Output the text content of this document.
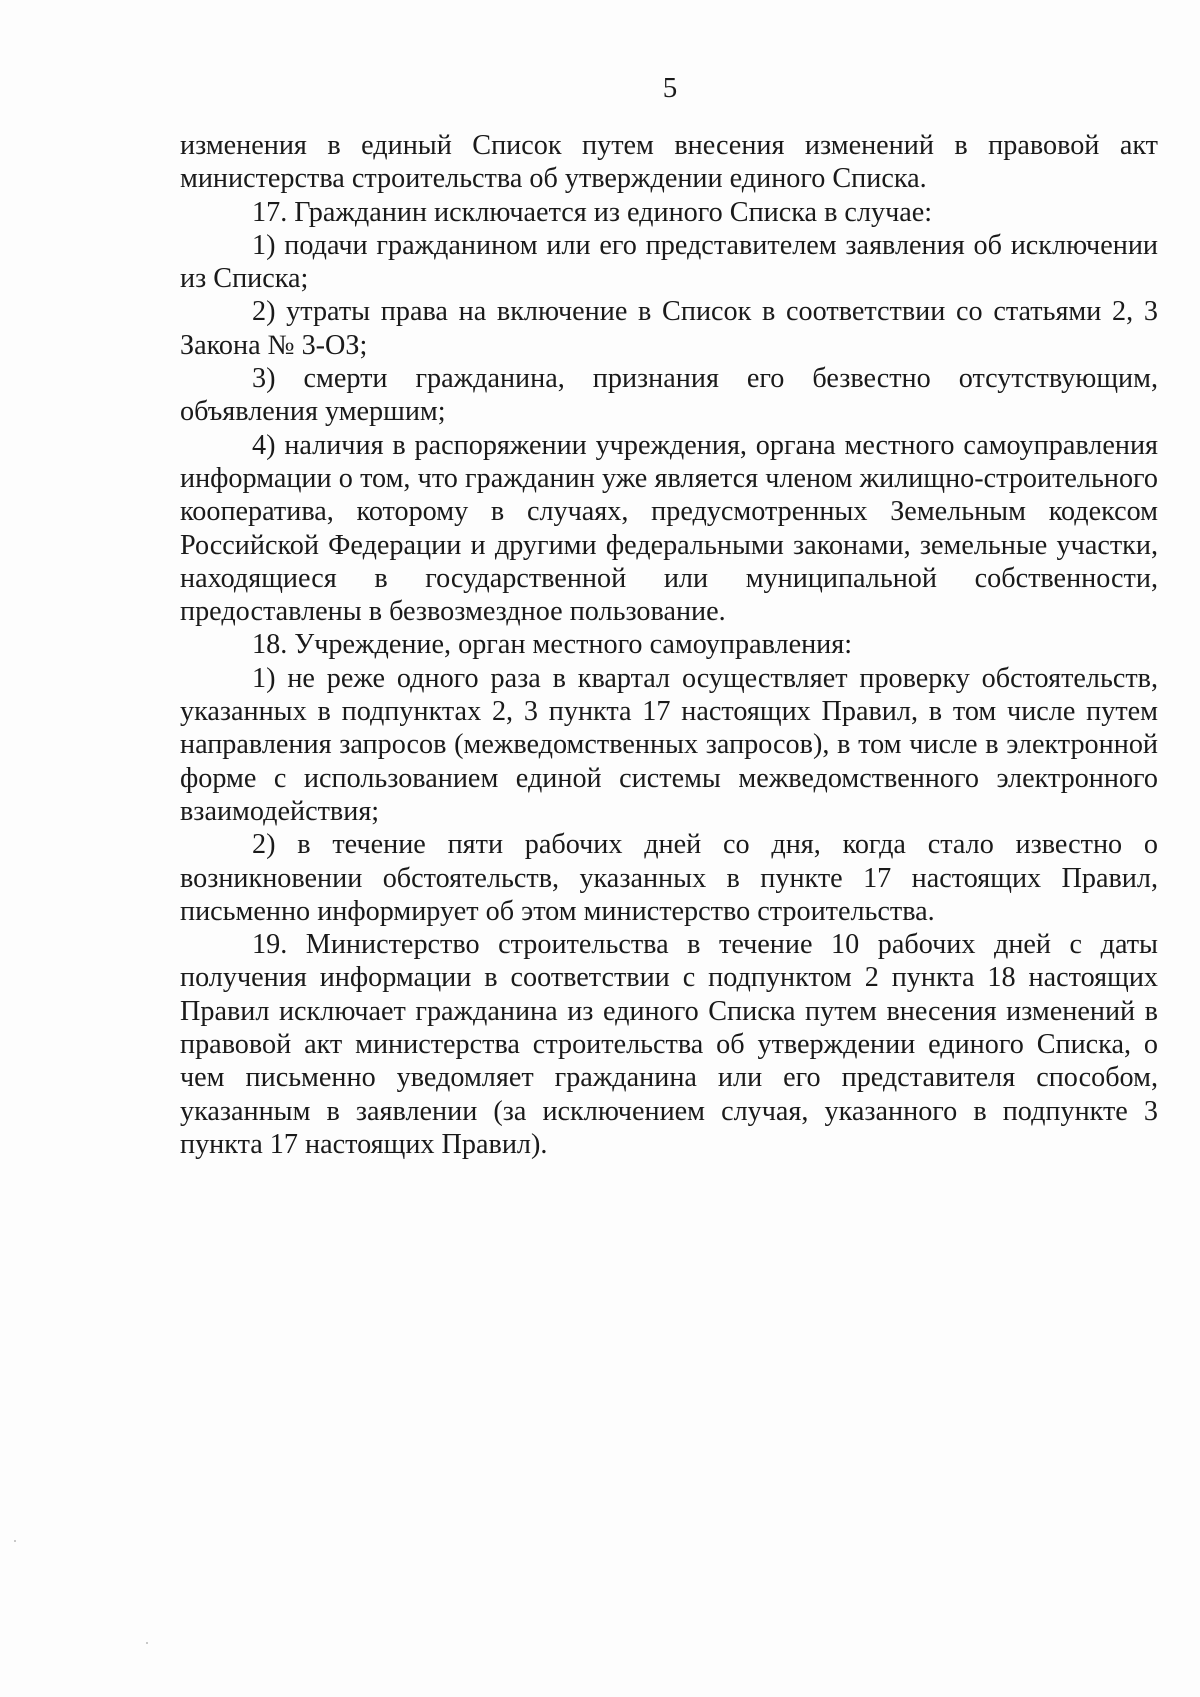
5

изменения в единый Список путем внесения изменений в правовой акт министерства строительства об утверждении единого Списка.

17. Гражданин исключается из единого Списка в случае:

1) подачи гражданином или его представителем заявления об исключении из Списка;

2) утраты права на включение в Список в соответствии со статьями 2, 3 Закона № 3-ОЗ;

3) смерти гражданина, признания его безвестно отсутствующим, объявления умершим;

4) наличия в распоряжении учреждения, органа местного самоуправления информации о том, что гражданин уже является членом жилищно-строительного кооператива, которому в случаях, предусмотренных Земельным кодексом Российской Федерации и другими федеральными законами, земельные участки, находящиеся в государственной или муниципальной собственности, предоставлены в безвозмездное пользование.

18. Учреждение, орган местного самоуправления:

1) не реже одного раза в квартал осуществляет проверку обстоятельств, указанных в подпунктах 2, 3 пункта 17 настоящих Правил, в том числе путем направления запросов (межведомственных запросов), в том числе в электронной форме с использованием единой системы межведомственного электронного взаимодействия;

2) в течение пяти рабочих дней со дня, когда стало известно о возникновении обстоятельств, указанных в пункте 17 настоящих Правил, письменно информирует об этом министерство строительства.

19. Министерство строительства в течение 10 рабочих дней с даты получения информации в соответствии с подпунктом 2 пункта 18 настоящих Правил исключает гражданина из единого Списка путем внесения изменений в правовой акт министерства строительства об утверждении единого Списка, о чем письменно уведомляет гражданина или его представителя способом, указанным в заявлении (за исключением случая, указанного в подпункте 3 пункта 17 настоящих Правил).
